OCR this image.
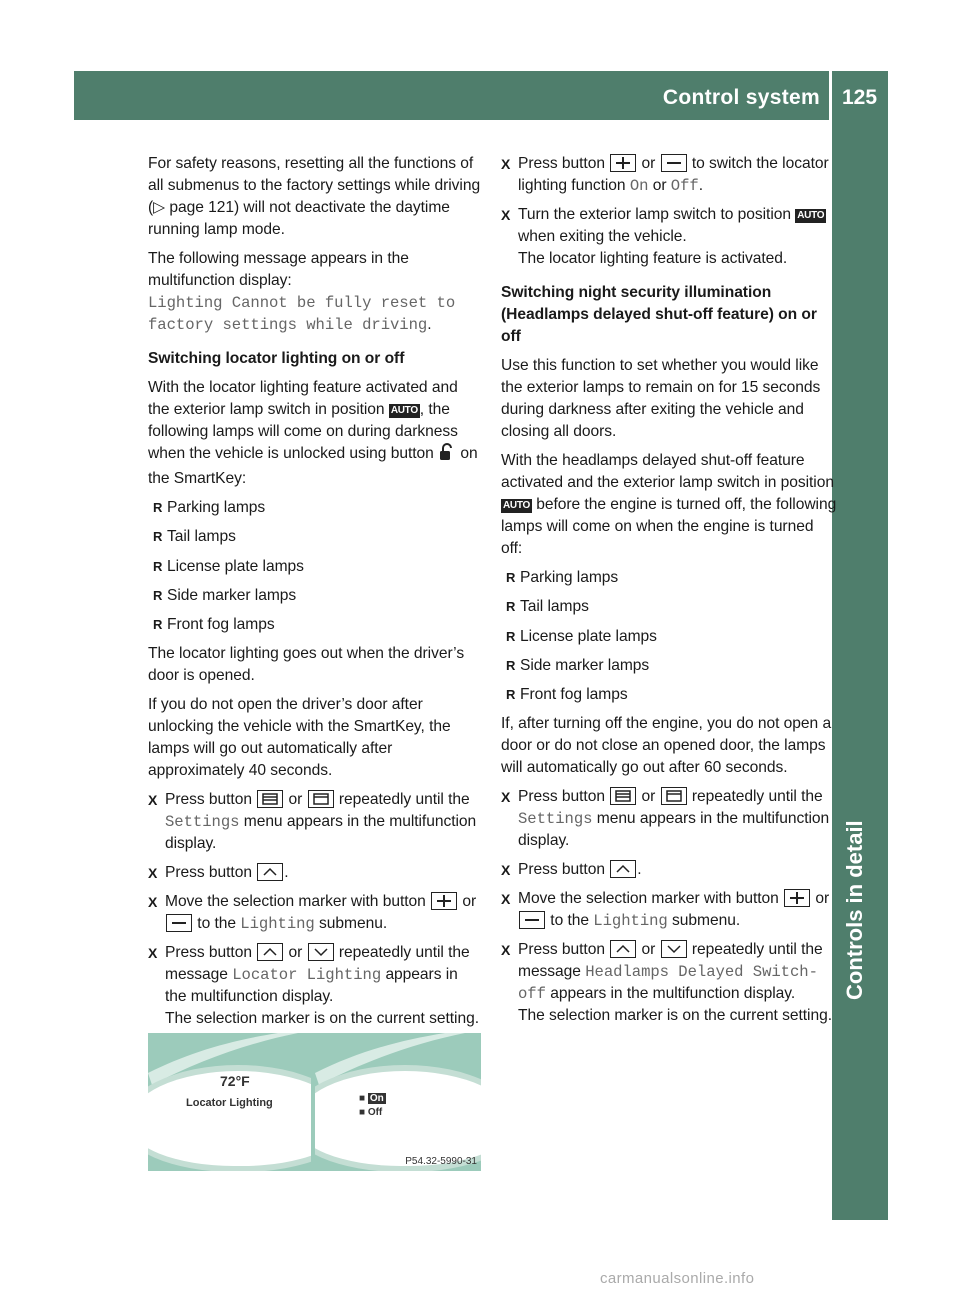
Control system 125
Controls in detail

For safety reasons, resetting all the functions of all submenus to the factory settings while driving (▷ page 121) will not deactivate the daytime running lamp mode.

The following message appears in the multifunction display:
Lighting Cannot be fully reset to factory settings while driving.

Switching locator lighting on or off

With the locator lighting feature activated and the exterior lamp switch in position AUTO , the following lamps will come on during darkness when the vehicle is unlocked using button  on the SmartKey:

R Parking lamps
R Tail lamps
R License plate lamps
R Side marker lamps
R Front fog lamps

The locator lighting goes out when the driver’s door is opened.

If you do not open the driver’s door after unlocking the vehicle with the SmartKey, the lamps will go out automatically after approximately 40 seconds.

X Press button
or
repeatedly until the Settings menu appears in the multifunction display.
X Press button
.
X Move the selection marker with button
or
to the Lighting submenu.
X Press button
or
repeatedly until the message Locator Lighting appears in the multifunction display.
The selection marker is on the current setting.
72°F
Locator Lighting	■ On
■ Off
P54.32-5990-31
X Press button
or
to switch the locator lighting function On or Off.
X Turn the exterior lamp switch to position AUTO when exiting the vehicle.
The locator lighting feature is activated.

Switching night security illumination (Headlamps delayed shut-off feature) on or off

Use this function to set whether you would like the exterior lamps to remain on for 15 seconds during darkness after exiting the vehicle and closing all doors.

With the headlamps delayed shut-off feature activated and the exterior lamp switch in position AUTO before the engine is turned off, the following lamps will come on when the engine is turned off:

R Parking lamps
R Tail lamps
R License plate lamps
R Side marker lamps
R Front fog lamps

If, after turning off the engine, you do not open a door or do not close an opened door, the lamps will automatically go out after 60 seconds.

X Press button
or
repeatedly until the Settings menu appears in the multifunction display.
X Press button
.
X Move the selection marker with button
or
to the Lighting submenu.
X Press button
or
repeatedly until the message Headlamps Delayed Switch-off appears in the multifunction display.
The selection marker is on the current setting.
carmanualsonline.info
